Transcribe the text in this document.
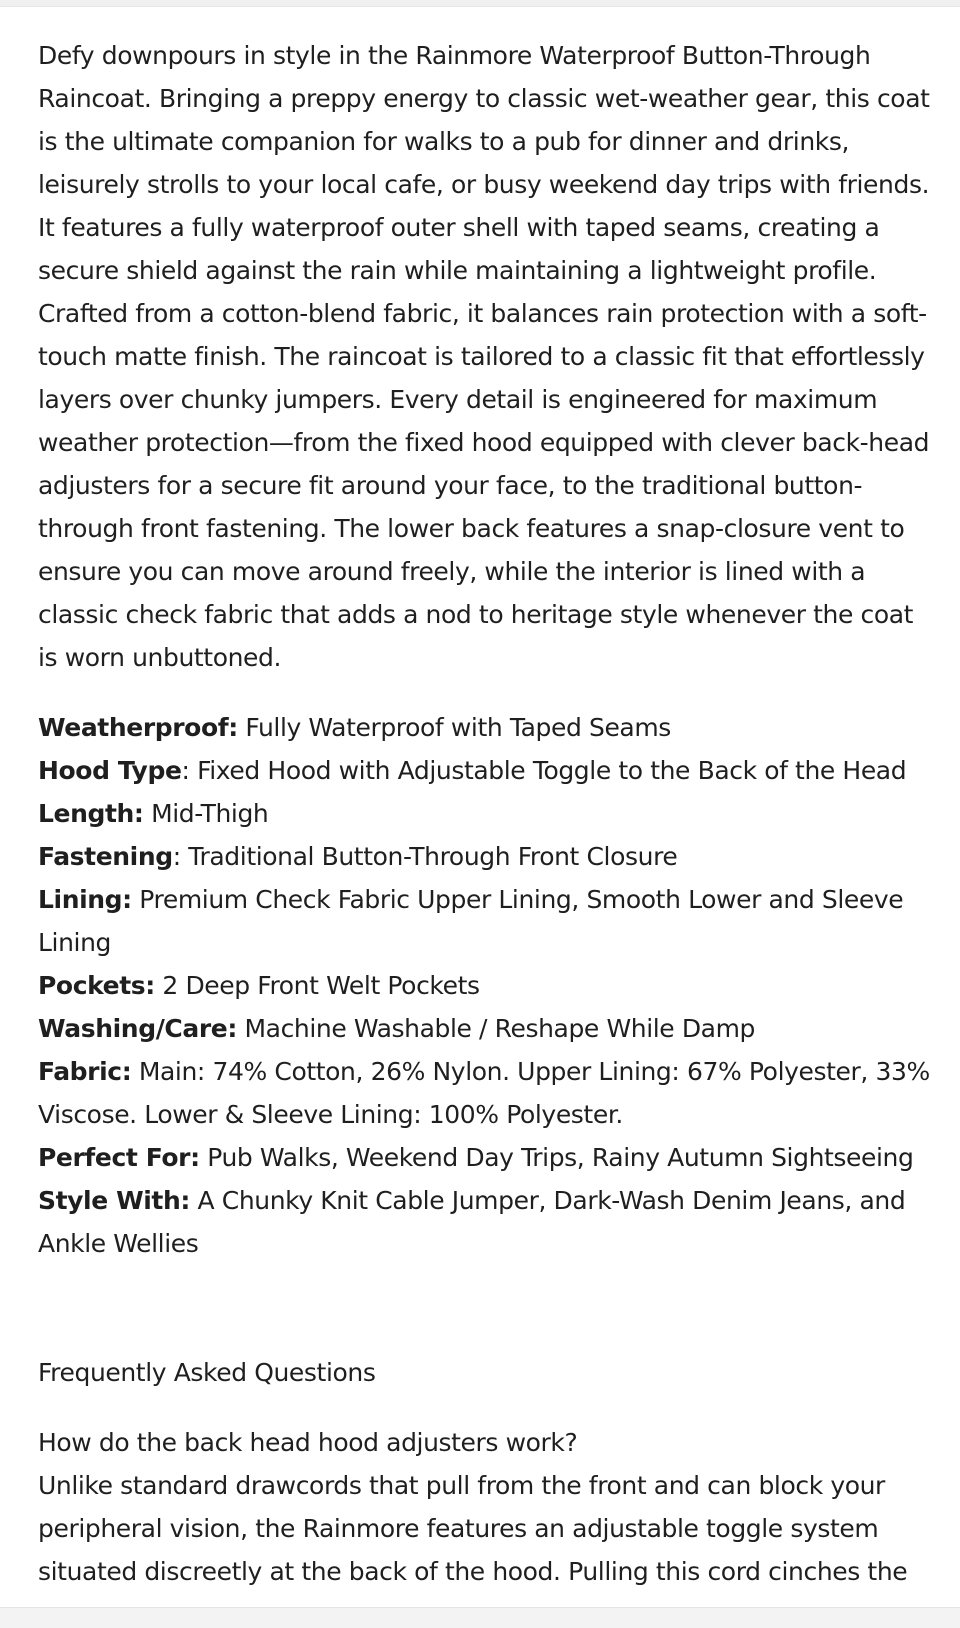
Defy downpours in style in the Rainmore Waterproof Button-Through Raincoat. Bringing a preppy energy to classic wet-weather gear, this coat is the ultimate companion for walks to a pub for dinner and drinks, leisurely strolls to your local cafe, or busy weekend day trips with friends. It features a fully waterproof outer shell with taped seams, creating a secure shield against the rain while maintaining a lightweight profile. Crafted from a cotton-blend fabric, it balances rain protection with a soft-touch matte finish. The raincoat is tailored to a classic fit that effortlessly layers over chunky jumpers. Every detail is engineered for maximum weather protection—from the fixed hood equipped with clever back-head adjusters for a secure fit around your face, to the traditional button-through front fastening. The lower back features a snap-closure vent to ensure you can move around freely, while the interior is lined with a classic check fabric that adds a nod to heritage style whenever the coat is worn unbuttoned.

Weatherproof: Fully Waterproof with Taped Seams
Hood Type: Fixed Hood with Adjustable Toggle to the Back of the Head
Length: Mid-Thigh
Fastening: Traditional Button-Through Front Closure
Lining: Premium Check Fabric Upper Lining, Smooth Lower and Sleeve Lining
Pockets: 2 Deep Front Welt Pockets
Washing/Care: Machine Washable / Reshape While Damp
Fabric: Main: 74% Cotton, 26% Nylon. Upper Lining: 67% Polyester, 33% Viscose. Lower & Sleeve Lining: 100% Polyester.
Perfect For: Pub Walks, Weekend Day Trips, Rainy Autumn Sightseeing
Style With: A Chunky Knit Cable Jumper, Dark-Wash Denim Jeans, and Ankle Wellies
Frequently Asked Questions
How do the back head hood adjusters work?

Unlike standard drawcords that pull from the front and can block your peripheral vision, the Rainmore features an adjustable toggle system situated discreetly at the back of the hood. Pulling this cord cinches the
